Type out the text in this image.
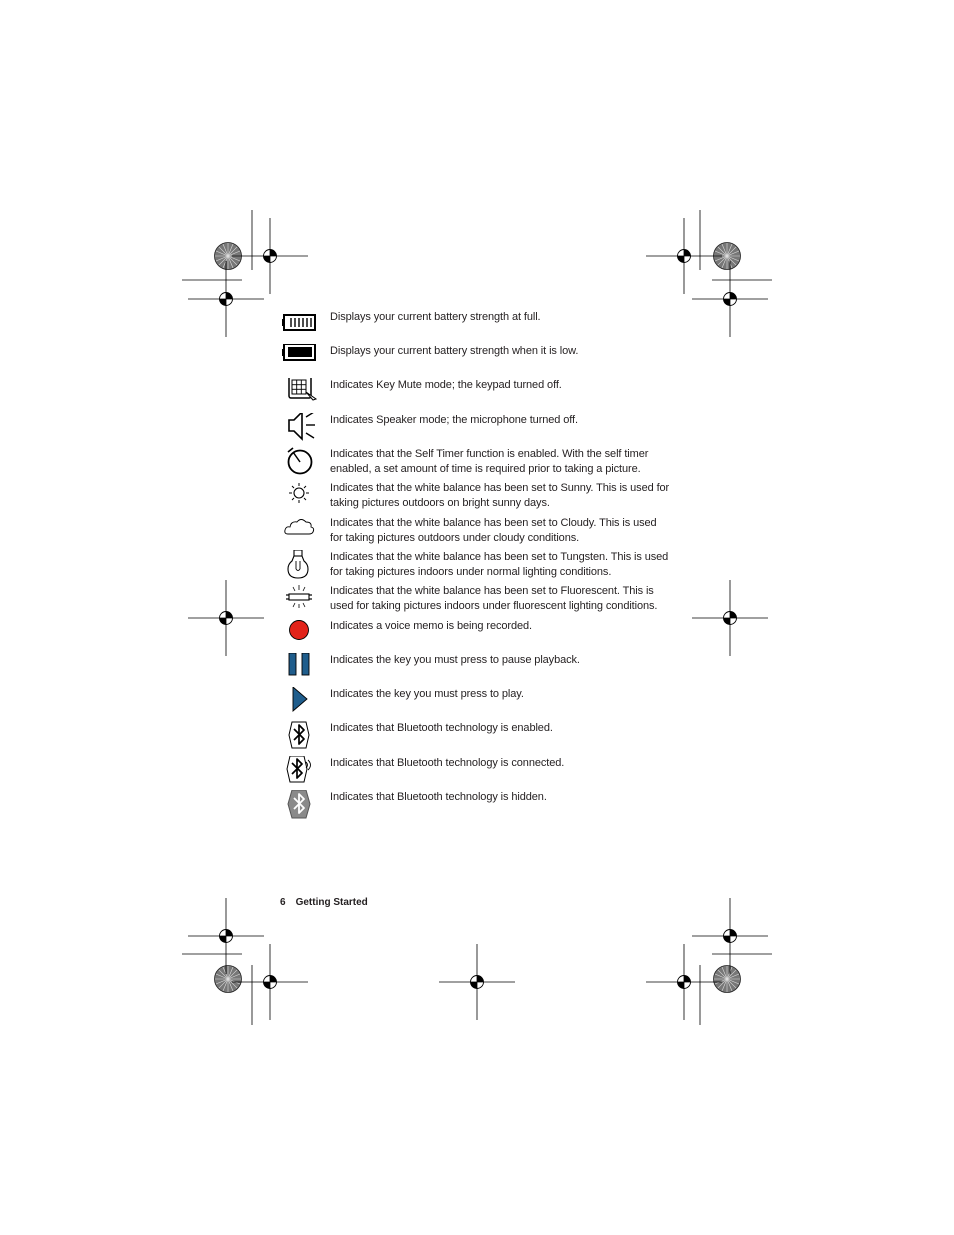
Displays your current battery strength at full.
Displays your current battery strength when it is low.
Indicates Key Mute mode; the keypad turned off.
Indicates Speaker mode; the microphone turned off.
Indicates that the Self Timer function is enabled. With the self timer enabled, a set amount of time is required prior to taking a picture.
Indicates that the white balance has been set to Sunny. This is used for taking pictures outdoors on bright sunny days.
Indicates that the white balance has been set to Cloudy. This is used for taking pictures outdoors under cloudy conditions.
Indicates that the white balance has been set to Tungsten. This is used for taking pictures indoors under normal lighting conditions.
Indicates that the white balance has been set to Fluorescent. This is used for taking pictures indoors under fluorescent lighting conditions.
Indicates a voice memo is being recorded.
Indicates the key you must press to pause playback.
Indicates the key you must press to play.
Indicates that Bluetooth technology is enabled.
Indicates that Bluetooth technology is connected.
Indicates that Bluetooth technology is hidden.
6 Getting Started
